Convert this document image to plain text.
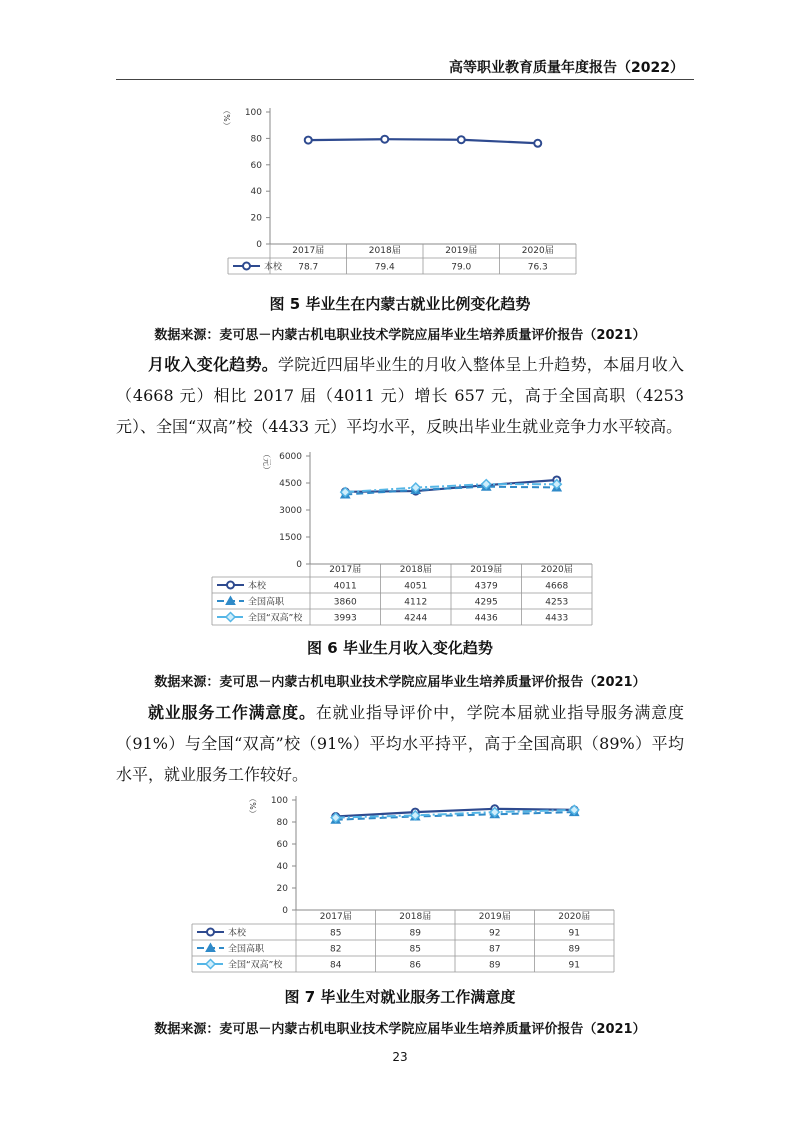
高等职业教育质量年度报告（2022）
（%）
0
20
40
60
80
100
2017届	2018届	2019届	2020届
本校 78.7	79.4	79.0	76.3
图 5 毕业生在内蒙古就业比例变化趋势
数据来源：麦可思－内蒙古机电职业技术学院应届毕业生培养质量评价报告（2021）
月收入变化趋势。学院近四届毕业生的月收入整体呈上升趋势，本届月收入（4668 元）相比 2017 届（4011 元）增长 657 元，高于全国高职（4253 元）、全国“双高”校（4433 元）平均水平，反映出毕业生就业竞争力水平较高。
（元）
0
1500
3000
4500
6000
2017届	2018届	2019届	2020届
本校	4011	4051	4379	4668
全国高职	3860	4112	4295	4253
全国“双高”校	3993	4244	4436	4433
图 6 毕业生月收入变化趋势
数据来源：麦可思－内蒙古机电职业技术学院应届毕业生培养质量评价报告（2021）
就业服务工作满意度。在就业指导评价中，学院本届就业指导服务满意度（91%）与全国“双高”校（91%）平均水平持平，高于全国高职（89%）平均水平，就业服务工作较好。
（%）
0
20
40
60
80
100
2017届	2018届	2019届	2020届
本校	85	89	92	91
全国高职	82	85	87	89
全国“双高”校	84	86	89	91
图 7 毕业生对就业服务工作满意度
数据来源：麦可思－内蒙古机电职业技术学院应届毕业生培养质量评价报告（2021）
23
